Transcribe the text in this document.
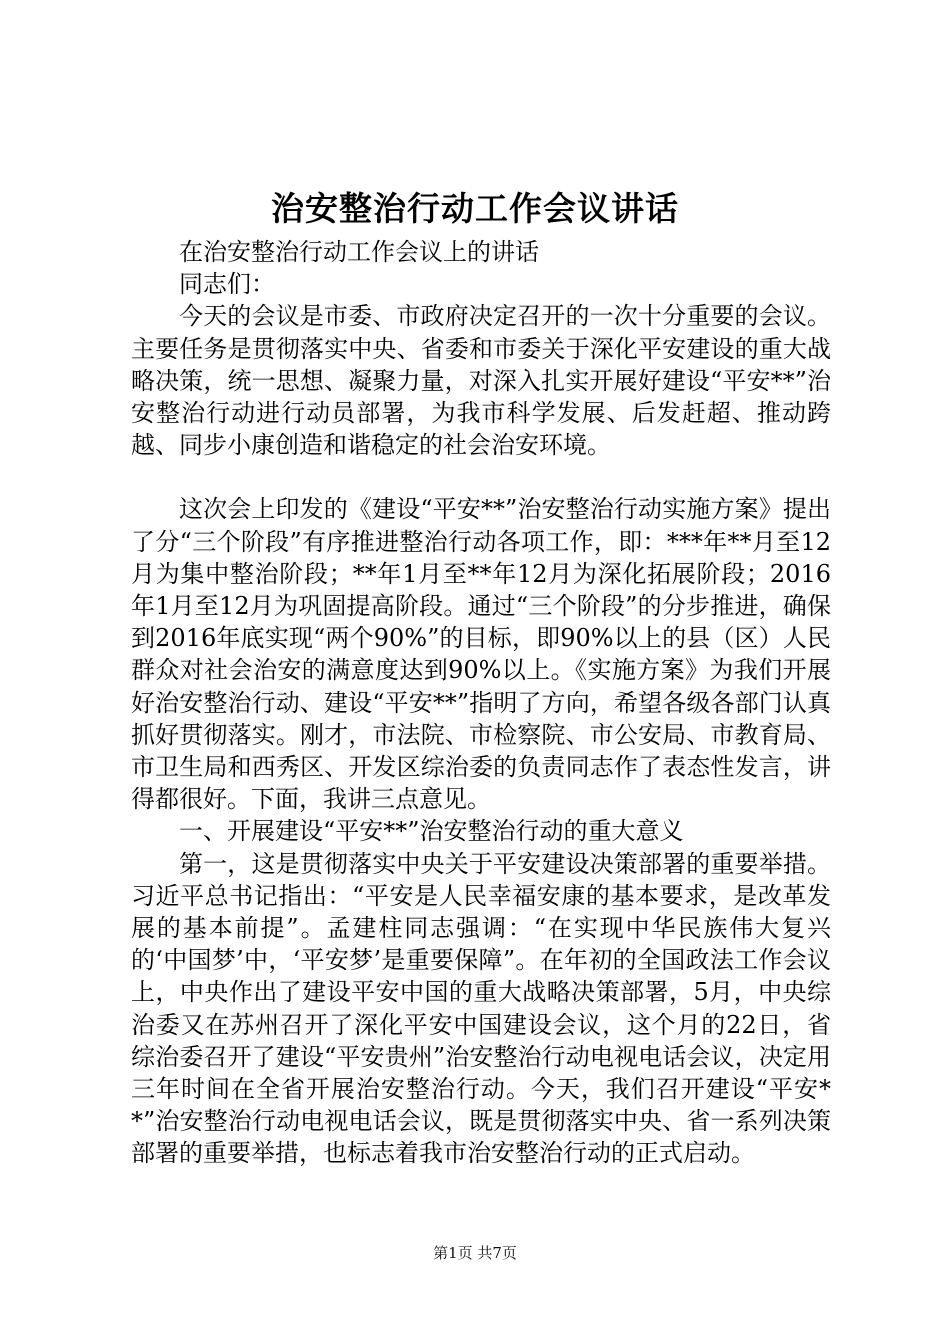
治安整治行动工作会议讲话

在治安整治行动工作会议上的讲话

同志们：

今天的会议是市委、市政府决定召开的一次十分重要的会议。主要任务是贯彻落实中央、省委和市委关于深化平安建设的重大战略决策，统一思想、凝聚力量，对深入扎实开展好建设“平安**”治安整治行动进行动员部署，为我市科学发展、后发赶超、推动跨越、同步小康创造和谐稳定的社会治安环境。

这次会上印发的《建设“平安**”治安整治行动实施方案》提出了分“三个阶段”有序推进整治行动各项工作，即：***年**月至12月为集中整治阶段；**年1月至**年12月为深化拓展阶段；2016年1月至12月为巩固提高阶段。通过“三个阶段”的分步推进，确保到2016年底实现“两个90%”的目标，即90%以上的县（区）人民群众对社会治安的满意度达到90%以上。《实施方案》为我们开展好治安整治行动、建设“平安**”指明了方向，希望各级各部门认真抓好贯彻落实。刚才，市法院、市检察院、市公安局、市教育局、市卫生局和西秀区、开发区综治委的负责同志作了表态性发言，讲得都很好。下面，我讲三点意见。

一、开展建设“平安**”治安整治行动的重大意义

第一，这是贯彻落实中央关于平安建设决策部署的重要举措。习近平总书记指出：“平安是人民幸福安康的基本要求，是改革发展的基本前提”。孟建柱同志强调：“在实现中华民族伟大复兴的‘中国梦’中，‘平安梦’是重要保障”。在年初的全国政法工作会议上，中央作出了建设平安中国的重大战略决策部署，5月，中央综治委又在苏州召开了深化平安中国建设会议，这个月的22日，省综治委召开了建设“平安贵州”治安整治行动电视电话会议，决定用三年时间在全省开展治安整治行动。今天，我们召开建设“平安**”治安整治行动电视电话会议，既是贯彻落实中央、省一系列决策部署的重要举措，也标志着我市治安整治行动的正式启动。

第1页 共7页
